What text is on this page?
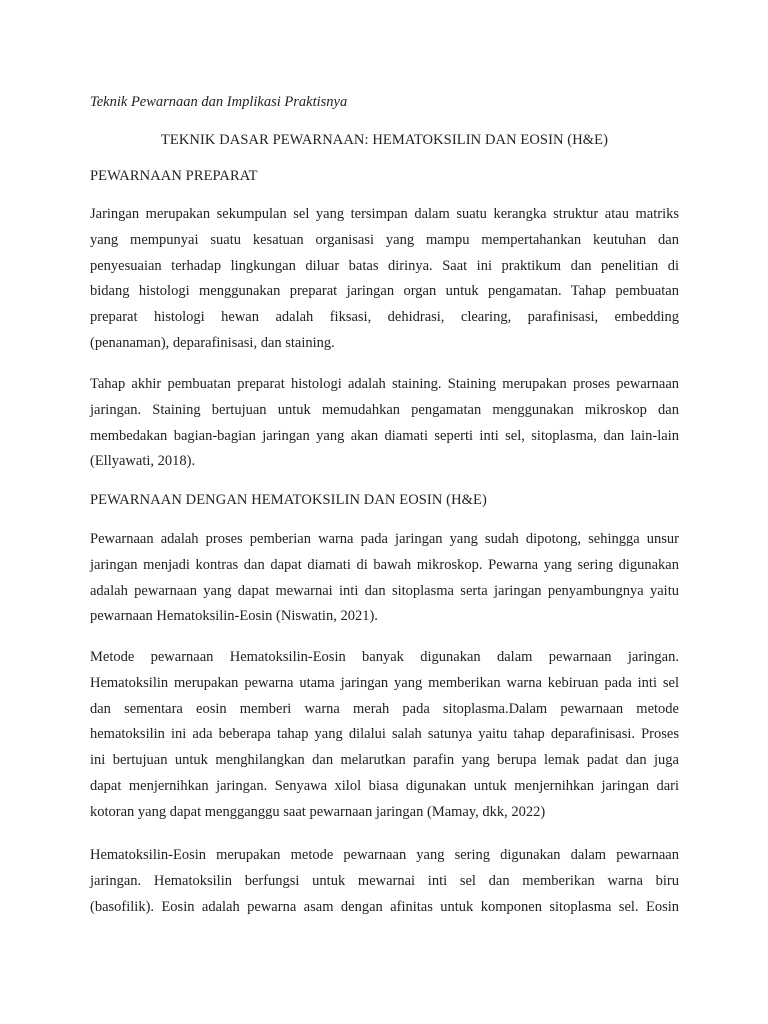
Teknik Pewarnaan dan Implikasi Praktisnya
TEKNIK DASAR PEWARNAAN: HEMATOKSILIN DAN EOSIN (H&E)
PEWARNAAN PREPARAT

Jaringan merupakan sekumpulan sel yang tersimpan dalam suatu kerangka struktur atau matriks
yang mempunyai suatu kesatuan organisasi yang mampu mempertahankan keutuhan dan
penyesuaian terhadap lingkungan diluar batas dirinya. Saat ini praktikum dan penelitian di
bidang histologi menggunakan preparat jaringan organ untuk pengamatan. Tahap pembuatan
preparat histologi hewan adalah fiksasi, dehidrasi, clearing, parafinisasi, embedding
(penanaman), deparafinisasi, dan staining.

Tahap akhir pembuatan preparat histologi adalah staining. Staining merupakan proses pewarnaan
jaringan. Staining bertujuan untuk memudahkan pengamatan menggunakan mikroskop dan
membedakan bagian-bagian jaringan yang akan diamati seperti inti sel, sitoplasma, dan lain-lain
(Ellyawati, 2018).

PEWARNAAN DENGAN HEMATOKSILIN DAN EOSIN (H&E)

Pewarnaan adalah proses pemberian warna pada jaringan yang sudah dipotong, sehingga unsur
jaringan menjadi kontras dan dapat diamati di bawah mikroskop. Pewarna yang sering digunakan
adalah pewarnaan yang dapat mewarnai inti dan sitoplasma serta jaringan penyambungnya yaitu
pewarnaan Hematoksilin-Eosin (Niswatin, 2021).

Metode pewarnaan Hematoksilin-Eosin banyak digunakan dalam pewarnaan jaringan.
Hematoksilin merupakan pewarna utama jaringan yang memberikan warna kebiruan pada inti sel
dan sementara eosin memberi warna merah pada sitoplasma.Dalam pewarnaan metode
hematoksilin ini ada beberapa tahap yang dilalui salah satunya yaitu tahap deparafinisasi. Proses
ini bertujuan untuk menghilangkan dan melarutkan parafin yang berupa lemak padat dan juga
dapat menjernihkan jaringan. Senyawa xilol biasa digunakan untuk menjernihkan jaringan dari
kotoran yang dapat mengganggu saat pewarnaan jaringan (Mamay, dkk, 2022)

Hematoksilin-Eosin merupakan metode pewarnaan yang sering digunakan dalam pewarnaan
jaringan. Hematoksilin berfungsi untuk mewarnai inti sel dan memberikan warna biru
(basofilik). Eosin adalah pewarna asam dengan afinitas untuk komponen sitoplasma sel. Eosin
